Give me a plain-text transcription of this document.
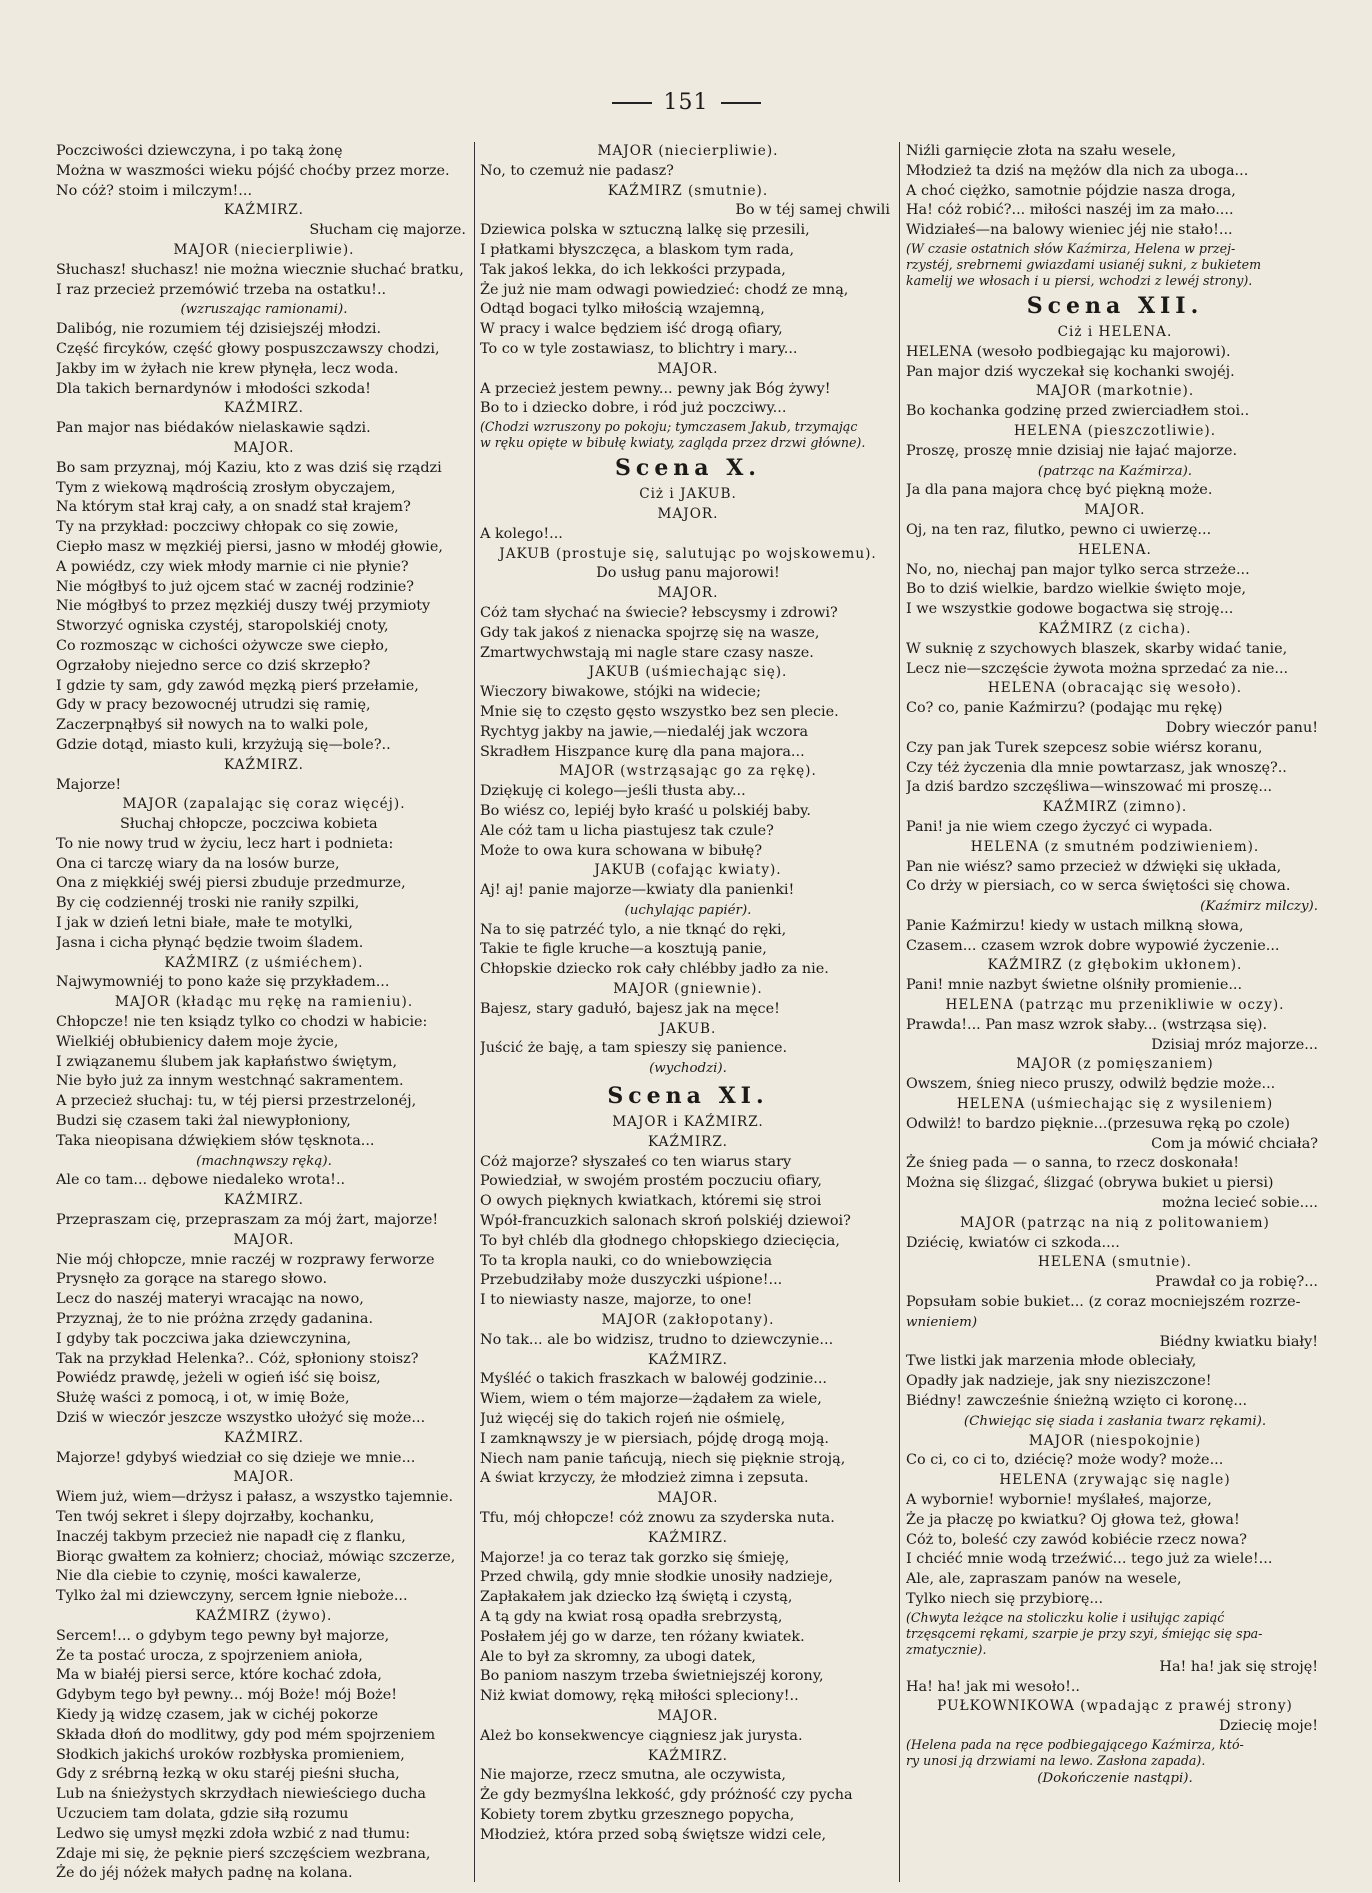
151
Poczciwości dziewczyna, i po taką żonę
Można w waszmości wieku pójść choćby przez morze.
No cóż? stoim i milczym!...
KAŹMIRZ.
Słucham cię majorze.
MAJOR (niecierpliwie).
Słuchasz! słuchasz! nie można wiecznie słuchać bratku,
I raz przecież przemówić trzeba na ostatku!..
(wzruszając ramionami).
Dalibóg, nie rozumiem téj dzisiejszéj młodzi.
Część fircyków, część głowy pospuszczawszy chodzi,
Jakby im w żyłach nie krew płynęła, lecz woda.
Dla takich bernardynów i młodości szkoda!
KAŹMIRZ.
Pan major nas biédaków nielaskawie sądzi.
MAJOR.
Bo sam przyznaj, mój Kaziu, kto z was dziś się rządzi
Tym z wiekową mądrością zrosłym obyczajem,
Na którym stał kraj cały, a on snadź stał krajem?
Ty na przykład: poczciwy chłopak co się zowie,
Ciepło masz w męzkiéj piersi, jasno w młodéj głowie,
A powiédz, czy wiek młody marnie ci nie płynie?
Nie mógłbyś to już ojcem stać w zacnéj rodzinie?
Nie mógłbyś to przez męzkiéj duszy twéj przymioty
Stworzyć ogniska czystéj, staropolskiéj cnoty,
Co rozmosząc w cichości ożywcze swe ciepło,
Ogrzałoby niejedno serce co dziś skrzepło?
I gdzie ty sam, gdy zawód męzką pierś przełamie,
Gdy w pracy bezowocnéj utrudzi się ramię,
Zaczerpnąłbyś sił nowych na to walki pole,
Gdzie dotąd, miasto kuli, krzyżują się—bole?..
KAŹMIRZ.
Majorze!
MAJOR (zapalając się coraz więcéj).
Słuchaj chłopcze, poczciwa kobieta
To nie nowy trud w życiu, lecz hart i podnieta:
Ona ci tarczę wiary da na losów burze,
Ona z miękkiéj swéj piersi zbuduje przedmurze,
By cię codziennéj troski nie raniły szpilki,
I jak w dzień letni białe, małe te motylki,
Jasna i cicha płynąć będzie twoim śladem.
KAŹMIRZ (z uśmiéchem).
Najwymowniéj to pono każe się przykładem...
MAJOR (kładąc mu rękę na ramieniu).
Chłopcze! nie ten ksiądz tylko co chodzi w habicie:
Wielkiéj obłubienicy dałem moje życie,
I związanemu ślubem jak kapłaństwo świętym,
Nie było już za innym westchnąć sakramentem.
A przecież słuchaj: tu, w téj piersi przestrzelonéj,
Budzi się czasem taki żal niewypłoniony,
Taka nieopisana dźwiękiem słów tęsknota...
(machnąwszy ręką).
Ale co tam... dębowe niedaleko wrota!..
KAŹMIRZ.
Przepraszam cię, przepraszam za mój żart, majorze!
MAJOR.
Nie mój chłopcze, mnie raczéj w rozprawy ferworze
Prysnęło za gorące na starego słowo.
Lecz do naszéj materyi wracając na nowo,
Przyznaj, że to nie próżna zrzędy gadanina.
I gdyby tak poczciwa jaka dziewczynina,
Tak na przykład Helenka?.. Cóż, spłoniony stoisz?
Powiédz prawdę, jeżeli w ogień iść się boisz,
Służę waści z pomocą, i ot, w imię Boże,
Dziś w wieczór jeszcze wszystko ułożyć się może...
KAŹMIRZ.
Majorze! gdybyś wiedział co się dzieje we mnie...
MAJOR.
Wiem już, wiem—drżysz i pałasz, a wszystko tajemnie.
Ten twój sekret i ślepy dojrzałby, kochanku,
Inaczéj takbym przecież nie napadł cię z flanku,
Biorąc gwałtem za kołnierz; chociaż, mówiąc szczerze,
Nie dla ciebie to czynię, mości kawalerze,
Tylko żal mi dziewczyny, sercem łgnie nieboże...
KAŹMIRZ (żywo).
Sercem!... o gdybym tego pewny był majorze,
Że ta postać urocza, z spojrzeniem anioła,
Ma w białéj piersi serce, które kochać zdoła,
Gdybym tego był pewny... mój Boże! mój Boże!
Kiedy ją widzę czasem, jak w cichéj pokorze
Składa dłoń do modlitwy, gdy pod mém spojrzeniem
Słodkich jakichś uroków rozbłyska promieniem,
Gdy z srébrną łezką w oku staréj pieśni słucha,
Lub na śnieżystych skrzydłach niewieściego ducha
Uczuciem tam dolata, gdzie siłą rozumu
Ledwo się umysł męzki zdoła wzbić z nad tłumu:
Zdaje mi się, że pęknie pierś szczęściem wezbrana,
Że do jéj nóżek małych padnę na kolana.
MAJOR (niecierpliwie).
No, to czemuż nie padasz?
KAŹMIRZ (smutnie).
Bo w téj samej chwili
Dziewica polska w sztuczną lalkę się przesili,
I płatkami błyszczęca, a blaskom tym rada,
Tak jakoś lekka, do ich lekkości przypada,
Że już nie mam odwagi powiedzieć: chodź ze mną,
Odtąd bogaci tylko miłością wzajemną,
W pracy i walce będziem iść drogą ofiary,
To co w tyle zostawiasz, to blichtry i mary...
MAJOR.
A przecież jestem pewny... pewny jak Bóg żywy!
Bo to i dziecko dobre, i ród już poczciwy...
(Chodzi wzruszony po pokoju; tymczasem Jakub, trzymając
w ręku opięte w bibułę kwiaty, zagląda przez drzwi główne).
Scena X.
Ciż i JAKUB.
MAJOR.
A kolego!...
JAKUB (prostuje się, salutując po wojskowemu).
Do usług panu majorowi!
MAJOR.
Cóż tam słychać na świecie? łebscysmy i zdrowi?
Gdy tak jakoś z nienacka spojrzę się na wasze,
Zmartwychwstają mi nagle stare czasy nasze.
JAKUB (uśmiechając się).
Wieczory biwakowe, stójki na widecie;
Mnie się to często gęsto wszystko bez sen plecie.
Rychtyg jakby na jawie,—niedaléj jak wczora
Skradłem Hiszpance kurę dla pana majora...
MAJOR (wstrząsając go za rękę).
Dziękuję ci kolego—jeśli tłusta aby...
Bo wiész co, lepiéj było kraść u polskiéj baby.
Ale cóż tam u licha piastujesz tak czule?
Może to owa kura schowana w bibułę?
JAKUB (cofając kwiaty).
Aj! aj! panie majorze—kwiaty dla panienki!
(uchylając papiér).
Na to się patrzéć tylo, a nie tknąć do ręki,
Takie te figle kruche—a kosztują panie,
Chłopskie dziecko rok cały chlébby jadło za nie.
MAJOR (gniewnie).
Bajesz, stary gadułó, bajesz jak na męce!
JAKUB.
Juścić że baję, a tam spieszy się panience.
(wychodzi).
Scena XI.
MAJOR i KAŹMIRZ.
KAŹMIRZ.
Cóż majorze? słyszałeś co ten wiarus stary
Powiedział, w swojém prostém poczuciu ofiary,
O owych pięknych kwiatkach, któremi się stroi
Wpół-francuzkich salonach skroń polskiéj dziewoi?
To był chléb dla głodnego chłopskiego dziecięcia,
To ta kropla nauki, co do wniebowzięcia
Przebudziłaby może duszyczki uśpione!...
I to niewiasty nasze, majorze, to one!
MAJOR (zakłopotany).
No tak... ale bo widzisz, trudno to dziewczynie...
KAŹMIRZ.
Myśléć o takich fraszkach w balowéj godzinie...
Wiem, wiem o tém majorze—żądałem za wiele,
Już więcéj się do takich rojeń nie ośmielę,
I zamknąwszy je w piersiach, pójdę drogą moją.
Niech nam panie tańcują, niech się pięknie stroją,
A świat krzyczy, że młodzież zimna i zepsuta.
MAJOR.
Tfu, mój chłopcze! cóż znowu za szyderska nuta.
KAŹMIRZ.
Majorze! ja co teraz tak gorzko się śmieję,
Przed chwilą, gdy mnie słodkie unosiły nadzieje,
Zapłakałem jak dziecko łzą świętą i czystą,
A tą gdy na kwiat rosą opadła srebrzystą,
Posłałem jéj go w darze, ten różany kwiatek.
Ale to był za skromny, za ubogi datek,
Bo paniom naszym trzeba świetniejszéj korony,
Niż kwiat domowy, ręką miłości spleciony!..
MAJOR.
Ależ bo konsekwencye ciągniesz jak jurysta.
KAŹMIRZ.
Nie majorze, rzecz smutna, ale oczywista,
Że gdy bezmyślna lekkość, gdy próżność czy pycha
Kobiety torem zbytku grzesznego popycha,
Młodzież, która przed sobą świętsze widzi cele,
Niźli garnięcie złota na szału wesele,
Młodzież ta dziś na mężów dla nich za uboga...
A choć ciężko, samotnie pójdzie nasza droga,
Ha! cóż robić?... miłości naszéj im za mało....
Widziałeś—na balowy wieniec jéj nie stało!...
(W czasie ostatnich słów Kaźmirza, Helena w przej-
rzystéj, srebrnemi gwiazdami usianéj sukni, z bukietem
kamelij we włosach i u piersi, wchodzi z lewéj strony).
Scena XII.
Ciż i HELENA.
HELENA (wesoło podbiegając ku majorowi).
Pan major dziś wyczekał się kochanki swojéj.
MAJOR (markotnie).
Bo kochanka godzinę przed zwierciadłem stoi..
HELENA (pieszczotliwie).
Proszę, proszę mnie dzisiaj nie łajać majorze.
(patrząc na Kaźmirza).
Ja dla pana majora chcę być piękną może.
MAJOR.
Oj, na ten raz, filutko, pewno ci uwierzę...
HELENA.
No, no, niechaj pan major tylko serca strzeże...
Bo to dziś wielkie, bardzo wielkie święto moje,
I we wszystkie godowe bogactwa się stroję...
KAŹMIRZ (z cicha).
W suknię z szychowych blaszek, skarby widać tanie,
Lecz nie—szczęście żywota można sprzedać za nie...
HELENA (obracając się wesoło).
Co? co, panie Kaźmirzu? (podając mu rękę)
Dobry wieczór panu!
Czy pan jak Turek szepcesz sobie wiérsz koranu,
Czy téż życzenia dla mnie powtarzasz, jak wnoszę?..
Ja dziś bardzo szczęśliwa—winszować mi proszę...
KAŹMIRZ (zimno).
Pani! ja nie wiem czego życzyć ci wypada.
HELENA (z smutném podziwieniem).
Pan nie wiész? samo przecież w dźwięki się układa,
Co drży w piersiach, co w serca świętości się chowa.
(Kaźmirz milczy).
Panie Kaźmirzu! kiedy w ustach milkną słowa,
Czasem... czasem wzrok dobre wypowié życzenie...
KAŹMIRZ (z głębokim ukłonem).
Pani! mnie nazbyt świetne olśniły promienie...
HELENA (patrząc mu przenikliwie w oczy).
Prawda!... Pan masz wzrok słaby... (wstrząsa się).
Dzisiaj mróz majorze...
MAJOR (z pomięszaniem)
Owszem, śnieg nieco pruszy, odwilż będzie może...
HELENA (uśmiechając się z wysileniem)
Odwilż! to bardzo pięknie...(przesuwa ręką po czole)
Com ja mówić chciała?
Że śnieg pada — o sanna, to rzecz doskonała!
Można się ślizgać, ślizgać (obrywa bukiet u piersi)
można lecieć sobie....
MAJOR (patrząc na nią z politowaniem)
Dziécię, kwiatów ci szkoda....
HELENA (smutnie).
Prawdał co ja robię?...
Popsułam sobie bukiet... (z coraz mocniejszém rozrze-
wnieniem)
Biédny kwiatku biały!
Twe listki jak marzenia młode obleciały,
Opadły jak nadzieje, jak sny nieziszczone!
Biédny! zawcześnie śnieżną wzięto ci koronę...
(Chwiejąc się siada i zasłania twarz rękami).
MAJOR (niespokojnie)
Co ci, co ci to, dziécię? może wody? może...
HELENA (zrywając się nagle)
A wybornie! wybornie! myślałeś, majorze,
Że ja płaczę po kwiatku? Oj głowa też, głowa!
Cóż to, boleść czy zawód kobiécie rzecz nowa?
I chciéć mnie wodą trzeźwić... tego już za wiele!...
Ale, ale, zapraszam panów na wesele,
Tylko niech się przybiorę...
(Chwyta leżące na stoliczku kolie i usiłując zapiąć
trzęsącemi rękami, szarpie je przy szyi, śmiejąc się spa-
zmatycznie).
Ha! ha! jak się stroję!
Ha! ha! jak mi wesoło!..
PUŁKOWNIKOWA (wpadając z prawéj strony)
Dziecię moje!
(Helena pada na ręce podbiegającego Kaźmirza, któ-
ry unosi ją drzwiami na lewo. Zasłona zapada).
(Dokończenie nastąpi).
